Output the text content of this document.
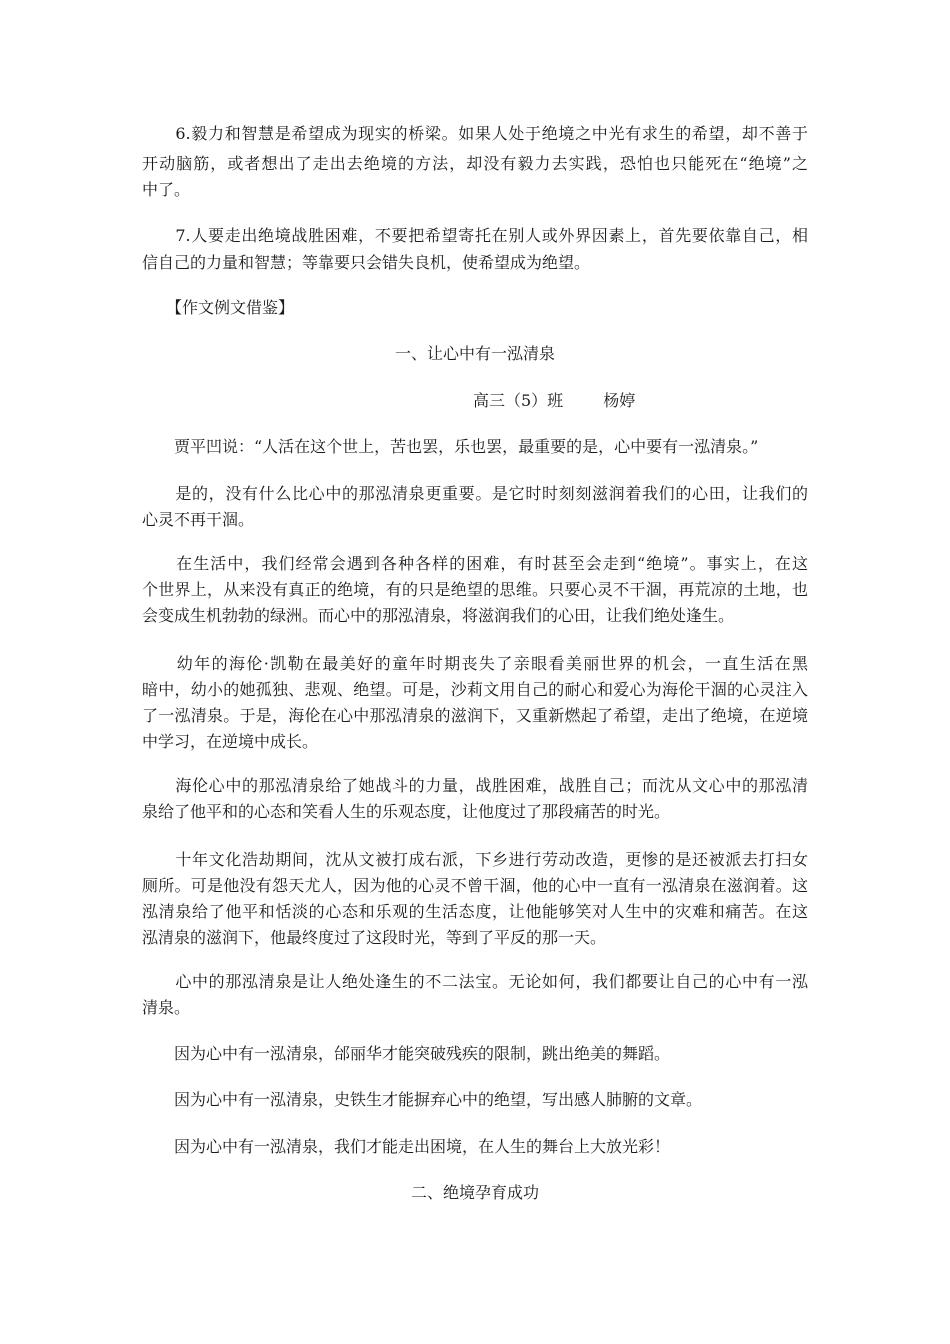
　　6.毅力和智慧是希望成为现实的桥梁。如果人处于绝境之中光有求生的希望，却不善于
开动脑筋，或者想出了走出去绝境的方法，却没有毅力去实践，恐怕也只能死在“绝境”之
中了。
　　7.人要走出绝境战胜困难，不要把希望寄托在别人或外界因素上，首先要依靠自己，相
信自己的力量和智慧；等靠要只会错失良机，使希望成为绝望。
　　【作文例文借鉴】
一、让心中有一泓清泉
高三（5）班	杨婷
　　贾平凹说：“人活在这个世上，苦也罢，乐也罢，最重要的是，心中要有一泓清泉。”
　　是的，没有什么比心中的那泓清泉更重要。是它时时刻刻滋润着我们的心田，让我们的
心灵不再干涸。
　　在生活中，我们经常会遇到各种各样的困难，有时甚至会走到“绝境”。事实上，在这
个世界上，从来没有真正的绝境，有的只是绝望的思维。只要心灵不干涸，再荒凉的土地，也
会变成生机勃勃的绿洲。而心中的那泓清泉，将滋润我们的心田，让我们绝处逢生。
　　幼年的海伦·凯勒在最美好的童年时期丧失了亲眼看美丽世界的机会，一直生活在黑
暗中，幼小的她孤独、悲观、绝望。可是，沙莉文用自己的耐心和爱心为海伦干涸的心灵注入
了一泓清泉。于是，海伦在心中那泓清泉的滋润下，又重新燃起了希望，走出了绝境，在逆境
中学习，在逆境中成长。
　　海伦心中的那泓清泉给了她战斗的力量，战胜困难，战胜自己；而沈从文心中的那泓清
泉给了他平和的心态和笑看人生的乐观态度，让他度过了那段痛苦的时光。
　　十年文化浩劫期间，沈从文被打成右派，下乡进行劳动改造，更惨的是还被派去打扫女
厕所。可是他没有怨天尤人，因为他的心灵不曾干涸，他的心中一直有一泓清泉在滋润着。这
泓清泉给了他平和恬淡的心态和乐观的生活态度，让他能够笑对人生中的灾难和痛苦。在这
泓清泉的滋润下，他最终度过了这段时光，等到了平反的那一天。
　　心中的那泓清泉是让人绝处逢生的不二法宝。无论如何，我们都要让自己的心中有一泓
清泉。
　　因为心中有一泓清泉，邰丽华才能突破残疾的限制，跳出绝美的舞蹈。
　　因为心中有一泓清泉，史铁生才能摒弃心中的绝望，写出感人肺腑的文章。
　　因为心中有一泓清泉，我们才能走出困境，在人生的舞台上大放光彩！
二、绝境孕育成功
